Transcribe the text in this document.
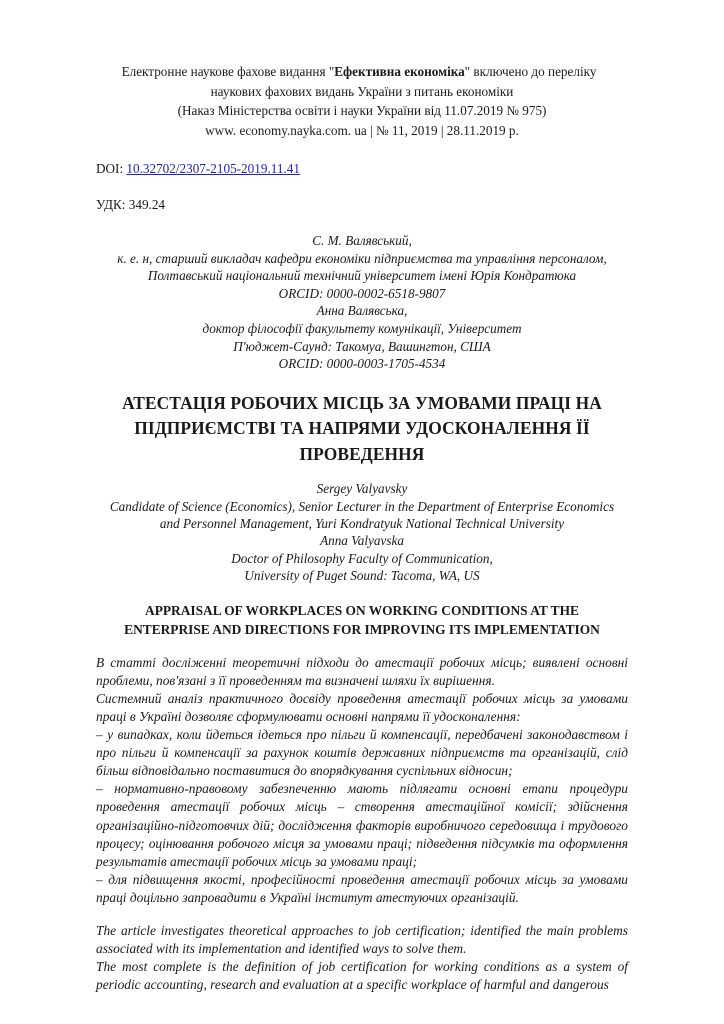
Електронне наукове фахове видання "Ефективна економіка" включено до переліку
наукових фахових видань України з питань економіки
(Наказ Міністерства освіти і науки України від 11.07.2019 № 975)
www. economy.nayka.com. ua | № 11, 2019 | 28.11.2019 р.
DOI: 10.32702/2307-2105-2019.11.41
УДК: 349.24
С. М. Валявський,
к. е. н, старший викладач кафедри економіки підприємства та управління персоналом,
Полтавський національний технічний університет імені Юрія Кондратюка
ORCID: 0000-0002-6518-9807
Анна Валявська,
доктор філософії факультету комунікації, Університет
П'юджет-Саунд: Такомуа, Вашингтон, США
ORCID: 0000-0003-1705-4534
АТЕСТАЦІЯ РОБОЧИХ МІСЦЬ ЗА УМОВАМИ ПРАЦІ НА
ПІДПРИЄМСТВІ ТА НАПРЯМИ УДОСКОНАЛЕННЯ ЇЇ
ПРОВЕДЕННЯ
Sergey Valyavsky
Candidate of Science (Economics), Senior Lecturer in the Department of Enterprise Economics
and Personnel Management, Yuri Kondratyuk National Technical University
Anna Valyavska
Doctor of Philosophy Faculty of Communication,
University of Puget Sound: Tacoma, WA, US
APPRAISAL OF WORKPLACES ON WORKING CONDITIONS AT THE
ENTERPRISE AND DIRECTIONS FOR IMPROVING ITS IMPLEMENTATION

В статті досліженні теоретичні підходи до атестації робочих місць; виявлені основні проблеми, пов'язані з її проведенням та визначені шляхи їх вирішення.

Системний аналіз практичного досвіду проведення атестації робочих місць за умовами праці в Україні дозволяє сформулювати основні напрями її удосконалення:

– у випадках, коли йдеться ідеться про пільги й компенсації, передбачені законодавством і про пільги й компенсації за рахунок коштів державних підприємств та організацій, слід більш відповідально поставитися до впорядкування суспільних відносин;

– нормативно-правовому забезпеченню мають підлягати основні етапи процедури проведення атестації робочих місць – створення атестаційної комісії; здійснення організаційно-підготовчих дій; дослідження факторів виробничого середовища і трудового процесу; оцінювання робочого місця за умовами праці; підведення підсумків та оформлення результатів атестації робочих місць за умовами праці;

– для підвищення якості, професійності проведення атестації робочих місць за умовами праці доцільно запровадити в Україні інститут атестуючих організацій.

The article investigates theoretical approaches to job certification; identified the main problems associated with its implementation and identified ways to solve them.

The most complete is the definition of job certification for working conditions as a system of periodic accounting, research and evaluation at a specific workplace of harmful and dangerous
